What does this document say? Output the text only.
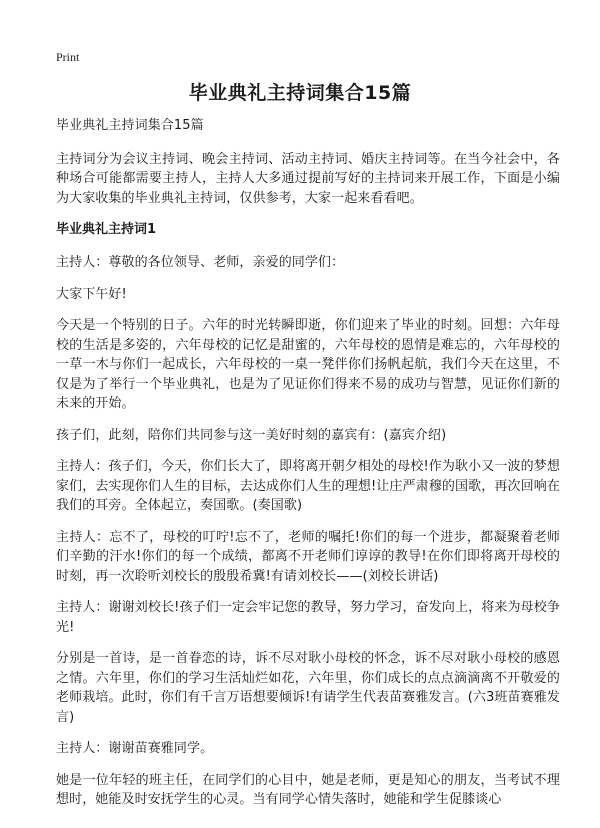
Print
毕业典礼主持词集合15篇
毕业典礼主持词集合15篇
主持词分为会议主持词、晚会主持词、活动主持词、婚庆主持词等。在当今社会中，各种场合可能都需要主持人，主持人大多通过提前写好的主持词来开展工作，下面是小编为大家收集的毕业典礼主持词，仅供参考，大家一起来看看吧。
毕业典礼主持词1
主持人：尊敬的各位领导、老师，亲爱的同学们：
大家下午好!
今天是一个特别的日子。六年的时光转瞬即逝，你们迎来了毕业的时刻。回想：六年母校的生活是多姿的，六年母校的记忆是甜蜜的，六年母校的恩情是难忘的，六年母校的一草一木与你们一起成长，六年母校的一桌一凳伴你们扬帆起航，我们今天在这里，不仅是为了举行一个毕业典礼，也是为了见证你们得来不易的成功与智慧，见证你们新的未来的开始。
孩子们，此刻，陪你们共同参与这一美好时刻的嘉宾有：(嘉宾介绍)
主持人：孩子们，今天，你们长大了，即将离开朝夕相处的母校!作为耿小又一波的梦想家们，去实现你们人生的目标，去达成你们人生的理想!让庄严肃穆的国歌，再次回响在我们的耳旁。全体起立，奏国歌。(奏国歌)
主持人：忘不了，母校的叮咛!忘不了，老师的嘱托!你们的每一个进步，都凝聚着老师们辛勤的汗水!你们的每一个成绩，都离不开老师们谆谆的教导!在你们即将离开母校的时刻，再一次聆听刘校长的殷殷希冀!有请刘校长——(刘校长讲话)
主持人：谢谢刘校长!孩子们一定会牢记您的教导，努力学习，奋发向上，将来为母校争光!
分别是一首诗，是一首眷恋的诗，诉不尽对耿小母校的怀念，诉不尽对耿小母校的感恩之情。六年里，你们的学习生活灿烂如花，六年里，你们成长的点点滴滴离不开敬爱的老师栽培。此时，你们有千言万语想要倾诉!有请学生代表苗赛雅发言。(六3班苗赛雅发言)
主持人：谢谢苗赛雅同学。
她是一位年轻的班主任，在同学们的心目中，她是老师，更是知心的朋友，当考试不理想时，她能及时安抚学生的心灵。当有同学心情失落时，她能和学生促膝谈心
